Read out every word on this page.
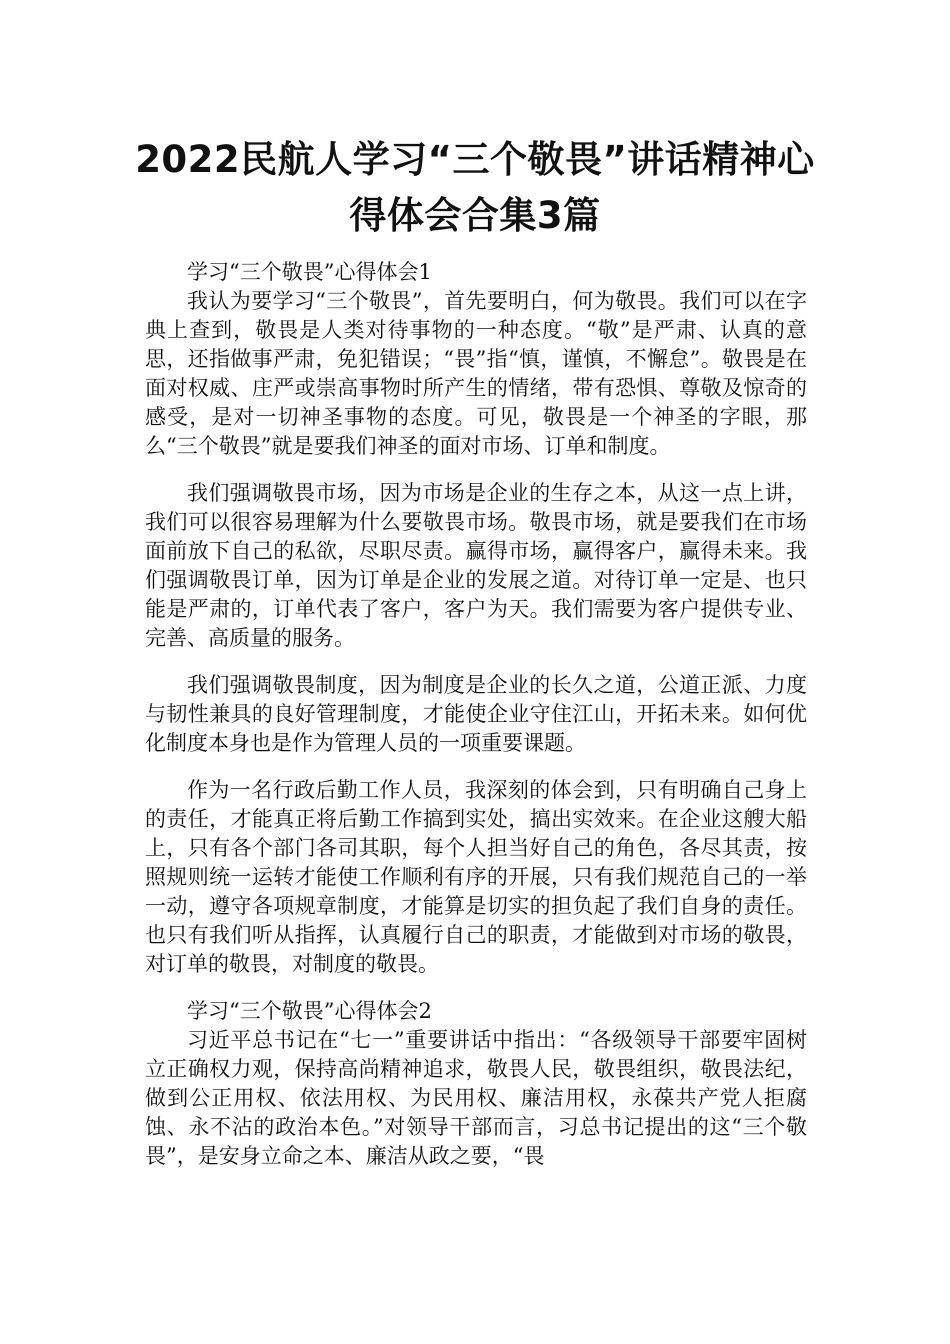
2022民航人学习“三个敬畏”讲话精神心
得体会合集3篇

学习“三个敬畏”心得体会1

我认为要学习“三个敬畏”，首先要明白，何为敬畏。我们可以在字典上查到，敬畏是人类对待事物的一种态度。“敬”是严肃、认真的意思，还指做事严肃，免犯错误；“畏”指“慎，谨慎，不懈怠”。敬畏是在面对权威、庄严或崇高事物时所产生的情绪，带有恐惧、尊敬及惊奇的感受，是对一切神圣事物的态度。可见，敬畏是一个神圣的字眼，那么“三个敬畏”就是要我们神圣的面对市场、订单和制度。

我们强调敬畏市场，因为市场是企业的生存之本，从这一点上讲，我们可以很容易理解为什么要敬畏市场。敬畏市场，就是要我们在市场面前放下自己的私欲，尽职尽责。赢得市场，赢得客户，赢得未来。我们强调敬畏订单，因为订单是企业的发展之道。对待订单一定是、也只能是严肃的，订单代表了客户，客户为天。我们需要为客户提供专业、完善、高质量的服务。

我们强调敬畏制度，因为制度是企业的长久之道，公道正派、力度与韧性兼具的良好管理制度，才能使企业守住江山，开拓未来。如何优化制度本身也是作为管理人员的一项重要课题。

作为一名行政后勤工作人员，我深刻的体会到，只有明确自己身上的责任，才能真正将后勤工作搞到实处，搞出实效来。在企业这艘大船上，只有各个部门各司其职，每个人担当好自己的角色，各尽其责，按照规则统一运转才能使工作顺利有序的开展，只有我们规范自己的一举一动，遵守各项规章制度，才能算是切实的担负起了我们自身的责任。也只有我们听从指挥，认真履行自己的职责，才能做到对市场的敬畏，对订单的敬畏，对制度的敬畏。

学习“三个敬畏”心得体会2

习近平总书记在“七一”重要讲话中指出：“各级领导干部要牢固树立正确权力观，保持高尚精神追求，敬畏人民，敬畏组织，敬畏法纪，做到公正用权、依法用权、为民用权、廉洁用权，永葆共产党人拒腐蚀、永不沾的政治本色。”对领导干部而言，习总书记提出的这“三个敬畏”，是安身立命之本、廉洁从政之要，“畏
